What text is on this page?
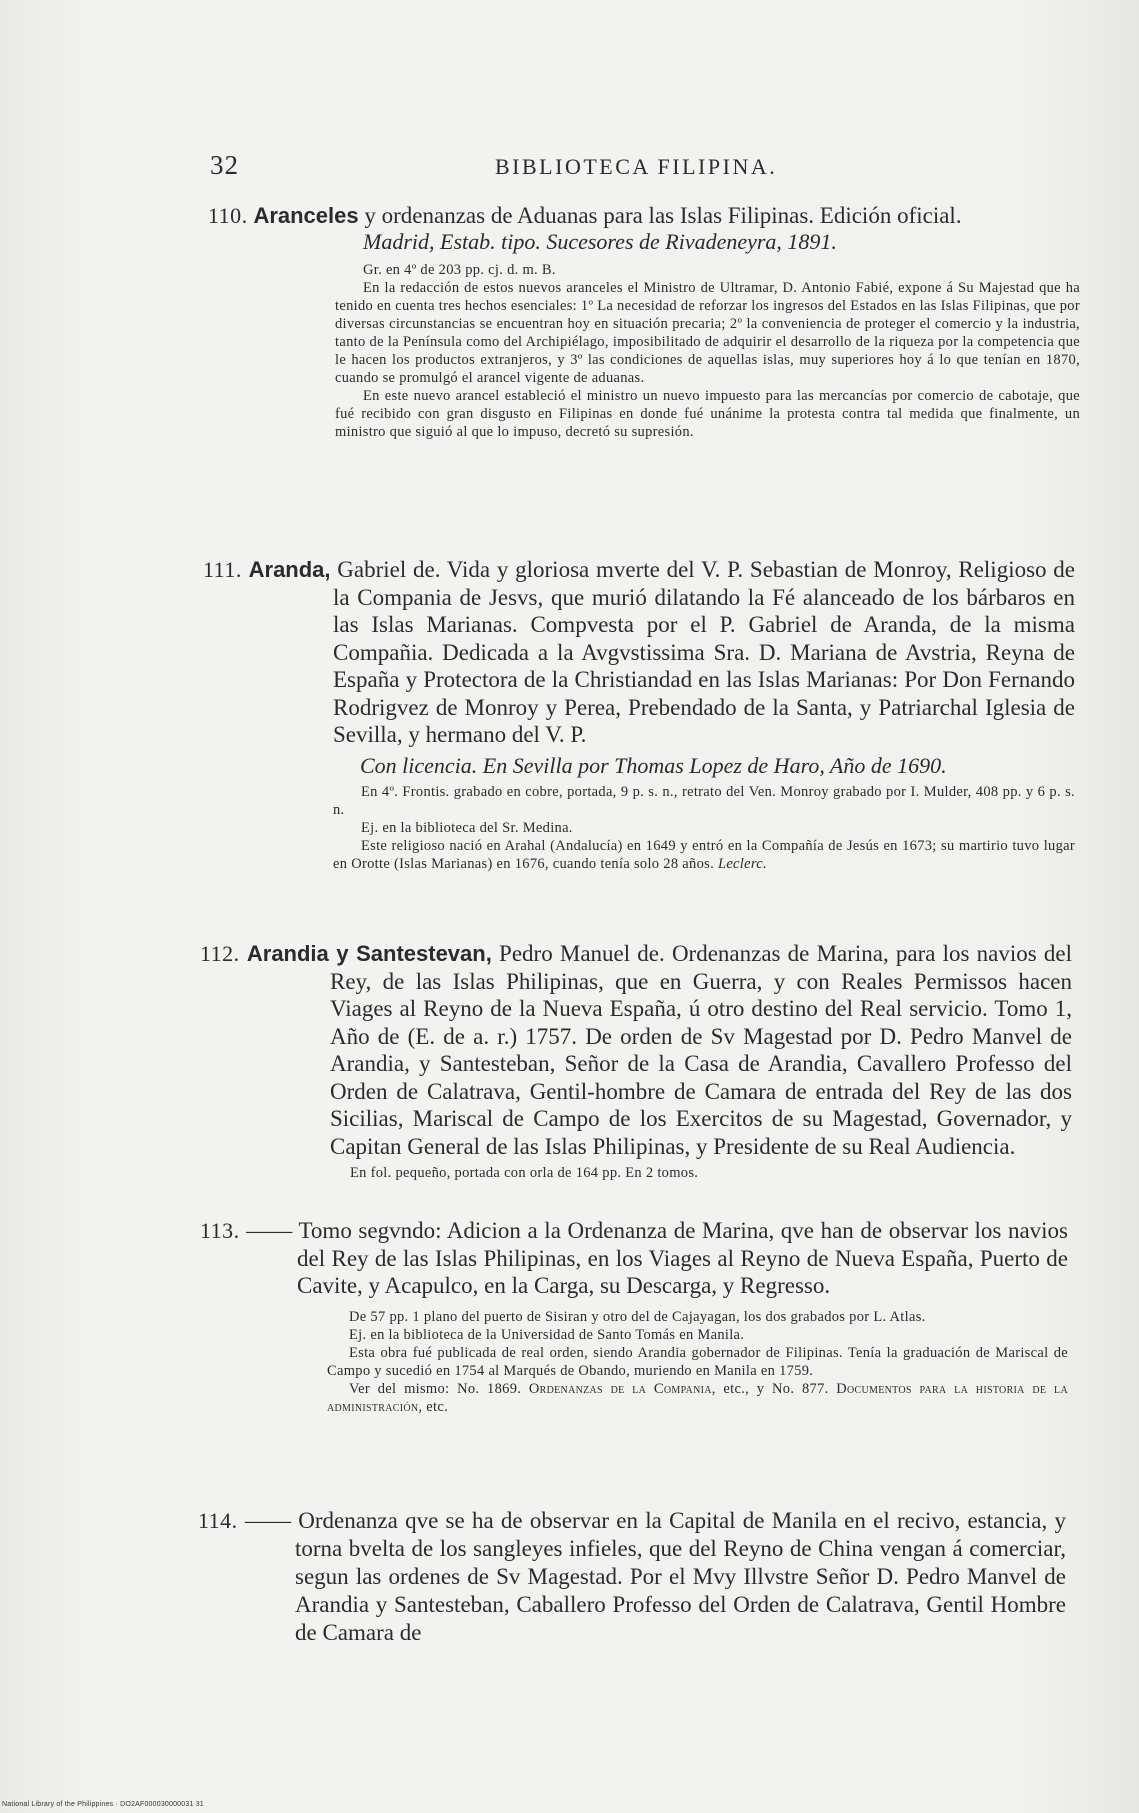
32	BIBLIOTECA FILIPINA.

110. Aranceles y ordenanzas de Aduanas para las Islas Filipinas. Edición oficial.

Madrid, Estab. tipo. Sucesores de Rivadeneyra, 1891.

Gr. en 4º de 203 pp. cj. d. m. B.

En la redacción de estos nuevos aranceles el Ministro de Ultramar, D. Antonio Fabié, expone á Su Majestad que ha tenido en cuenta tres hechos esenciales: 1º La necesidad de reforzar los ingresos del Estados en las Islas Filipinas, que por diversas circunstancias se encuentran hoy en situación precaria; 2º la conveniencia de proteger el comercio y la industria, tanto de la Península como del Archipiélago, imposibilitado de adquirir el desarrollo de la riqueza por la competencia que le hacen los productos extranjeros, y 3º las condiciones de aquellas islas, muy superiores hoy á lo que tenían en 1870, cuando se promulgó el arancel vigente de aduanas.

En este nuevo arancel estableció el ministro un nuevo impuesto para las mercancías por comercio de cabotaje, que fué recibido con gran disgusto en Filipinas en donde fué unánime la protesta contra tal medida que finalmente, un ministro que siguió al que lo impuso, decretó su supresión.

111. Aranda, Gabriel de. Vida y gloriosa mverte del V. P. Sebastian de Monroy, Religioso de la Compania de Jesvs, que murió dilatando la Fé alanceado de los bárbaros en las Islas Marianas. Compvesta por el P. Gabriel de Aranda, de la misma Compañia. Dedicada a la Avgvstissima Sra. D. Mariana de Avstria, Reyna de España y Protectora de la Christiandad en las Islas Marianas: Por Don Fernando Rodrigvez de Monroy y Perea, Prebendado de la Santa, y Patriarchal Iglesia de Sevilla, y hermano del V. P.

Con licencia. En Sevilla por Thomas Lopez de Haro, Año de 1690.

En 4º. Frontis. grabado en cobre, portada, 9 p. s. n., retrato del Ven. Monroy grabado por I. Mulder, 408 pp. y 6 p. s. n.

Ej. en la biblioteca del Sr. Medina.

Este religioso nació en Arahal (Andalucía) en 1649 y entró en la Compañía de Jesús en 1673; su martirio tuvo lugar en Orotte (Islas Marianas) en 1676, cuando tenía solo 28 años. Leclerc.

112. Arandia y Santestevan, Pedro Manuel de. Ordenanzas de Marina, para los navios del Rey, de las Islas Philipinas, que en Guerra, y con Reales Permissos hacen Viages al Reyno de la Nueva España, ú otro destino del Real servicio. Tomo 1, Año de (E. de a. r.) 1757. De orden de Sv Magestad por D. Pedro Manvel de Arandia, y Santesteban, Señor de la Casa de Arandia, Cavallero Professo del Orden de Calatrava, Gentil-hombre de Camara de entrada del Rey de las dos Sicilias, Mariscal de Campo de los Exercitos de su Magestad, Governador, y Capitan General de las Islas Philipinas, y Presidente de su Real Audiencia.

En fol. pequeño, portada con orla de 164 pp. En 2 tomos.

113. —— Tomo segvndo: Adicion a la Ordenanza de Marina, qve han de observar los navios del Rey de las Islas Philipinas, en los Viages al Reyno de Nueva España, Puerto de Cavite, y Acapulco, en la Carga, su Descarga, y Regresso.

De 57 pp. 1 plano del puerto de Sisiran y otro del de Cajayagan, los dos grabados por L. Atlas.

Ej. en la biblioteca de la Universidad de Santo Tomás en Manila.

Esta obra fué publicada de real orden, siendo Arandia gobernador de Filipinas. Tenía la graduación de Mariscal de Campo y sucedió en 1754 al Marqués de Obando, muriendo en Manila en 1759.

Ver del mismo: No. 1869. Ordenanzas de la Compania, etc., y No. 877. Documentos para la historia de la administración, etc.

114. —— Ordenanza qve se ha de observar en la Capital de Manila en el recivo, estancia, y torna bvelta de los sangleyes infieles, que del Reyno de China vengan á comerciar, segun las ordenes de Sv Magestad. Por el Mvy Illvstre Señor D. Pedro Manvel de Arandia y Santesteban, Caballero Professo del Orden de Calatrava, Gentil Hombre de Camara de

National Library of the Philippines · DO2AF000030000031 31
